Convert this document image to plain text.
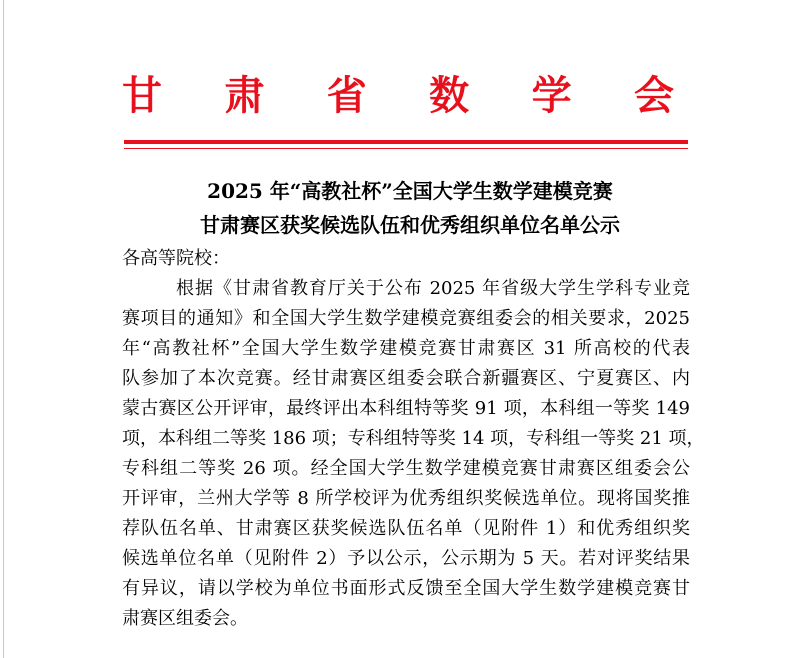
甘 肃 省 数 学 会
2025 年“高教社杯”全国大学生数学建模竞赛
甘肃赛区获奖候选队伍和优秀组织单位名单公示
各高等院校：
根据《甘肃省教育厅关于公布 2025 年省级大学生学科专业竞
赛项目的通知》和全国大学生数学建模竞赛组委会的相关要求，2025
年“高教社杯”全国大学生数学建模竞赛甘肃赛区 31 所高校的代表
队参加了本次竞赛。经甘肃赛区组委会联合新疆赛区、宁夏赛区、内
蒙古赛区公开评审，最终评出本科组特等奖 91 项，本科组一等奖 149
项，本科组二等奖 186 项；专科组特等奖 14 项，专科组一等奖 21 项，
专科组二等奖 26 项。经全国大学生数学建模竞赛甘肃赛区组委会公
开评审，兰州大学等 8 所学校评为优秀组织奖候选单位。现将国奖推
荐队伍名单、甘肃赛区获奖候选队伍名单（见附件 1）和优秀组织奖
候选单位名单（见附件 2）予以公示，公示期为 5 天。若对评奖结果
有异议，请以学校为单位书面形式反馈至全国大学生数学建模竞赛甘
肃赛区组委会。
